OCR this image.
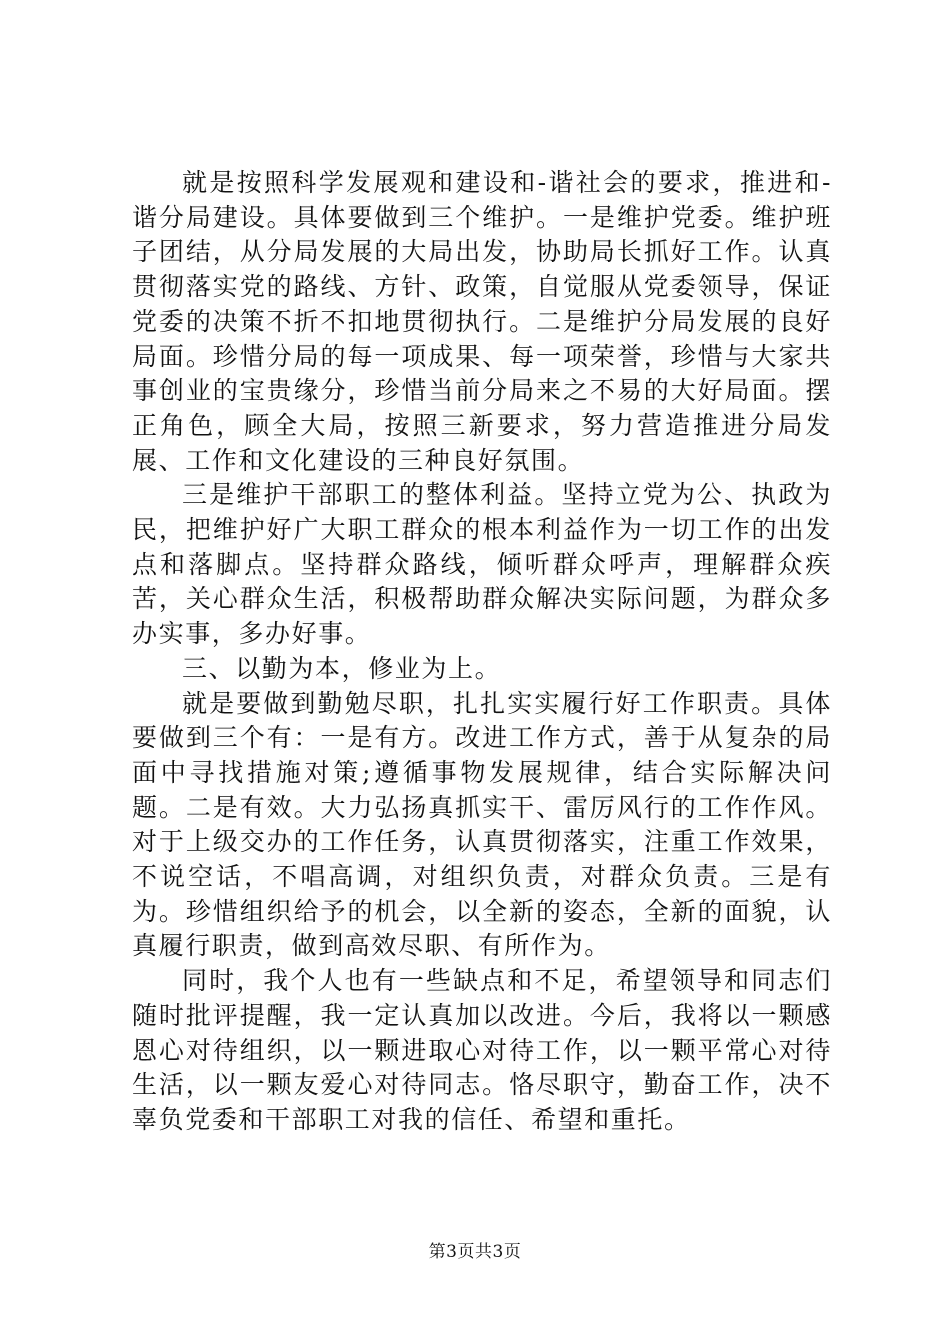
就是按照科学发展观和建设和-谐社会的要求，推进和-谐分局建设。具体要做到三个维护。一是维护党委。维护班子团结，从分局发展的大局出发，协助局长抓好工作。认真贯彻落实党的路线、方针、政策，自觉服从党委领导，保证党委的决策不折不扣地贯彻执行。二是维护分局发展的良好局面。珍惜分局的每一项成果、每一项荣誉，珍惜与大家共事创业的宝贵缘分，珍惜当前分局来之不易的大好局面。摆正角色，顾全大局，按照三新要求，努力营造推进分局发展、工作和文化建设的三种良好氛围。

三是维护干部职工的整体利益。坚持立党为公、执政为民，把维护好广大职工群众的根本利益作为一切工作的出发点和落脚点。坚持群众路线，倾听群众呼声，理解群众疾苦，关心群众生活，积极帮助群众解决实际问题，为群众多办实事，多办好事。

三、以勤为本，修业为上。

就是要做到勤勉尽职，扎扎实实履行好工作职责。具体要做到三个有：一是有方。改进工作方式，善于从复杂的局面中寻找措施对策;遵循事物发展规律，结合实际解决问题。二是有效。大力弘扬真抓实干、雷厉风行的工作作风。对于上级交办的工作任务，认真贯彻落实，注重工作效果，不说空话，不唱高调，对组织负责，对群众负责。三是有为。珍惜组织给予的机会，以全新的姿态，全新的面貌，认真履行职责，做到高效尽职、有所作为。

同时，我个人也有一些缺点和不足，希望领导和同志们随时批评提醒，我一定认真加以改进。今后，我将以一颗感恩心对待组织，以一颗进取心对待工作，以一颗平常心对待生活，以一颗友爱心对待同志。恪尽职守，勤奋工作，决不辜负党委和干部职工对我的信任、希望和重托。

第3页共3页
